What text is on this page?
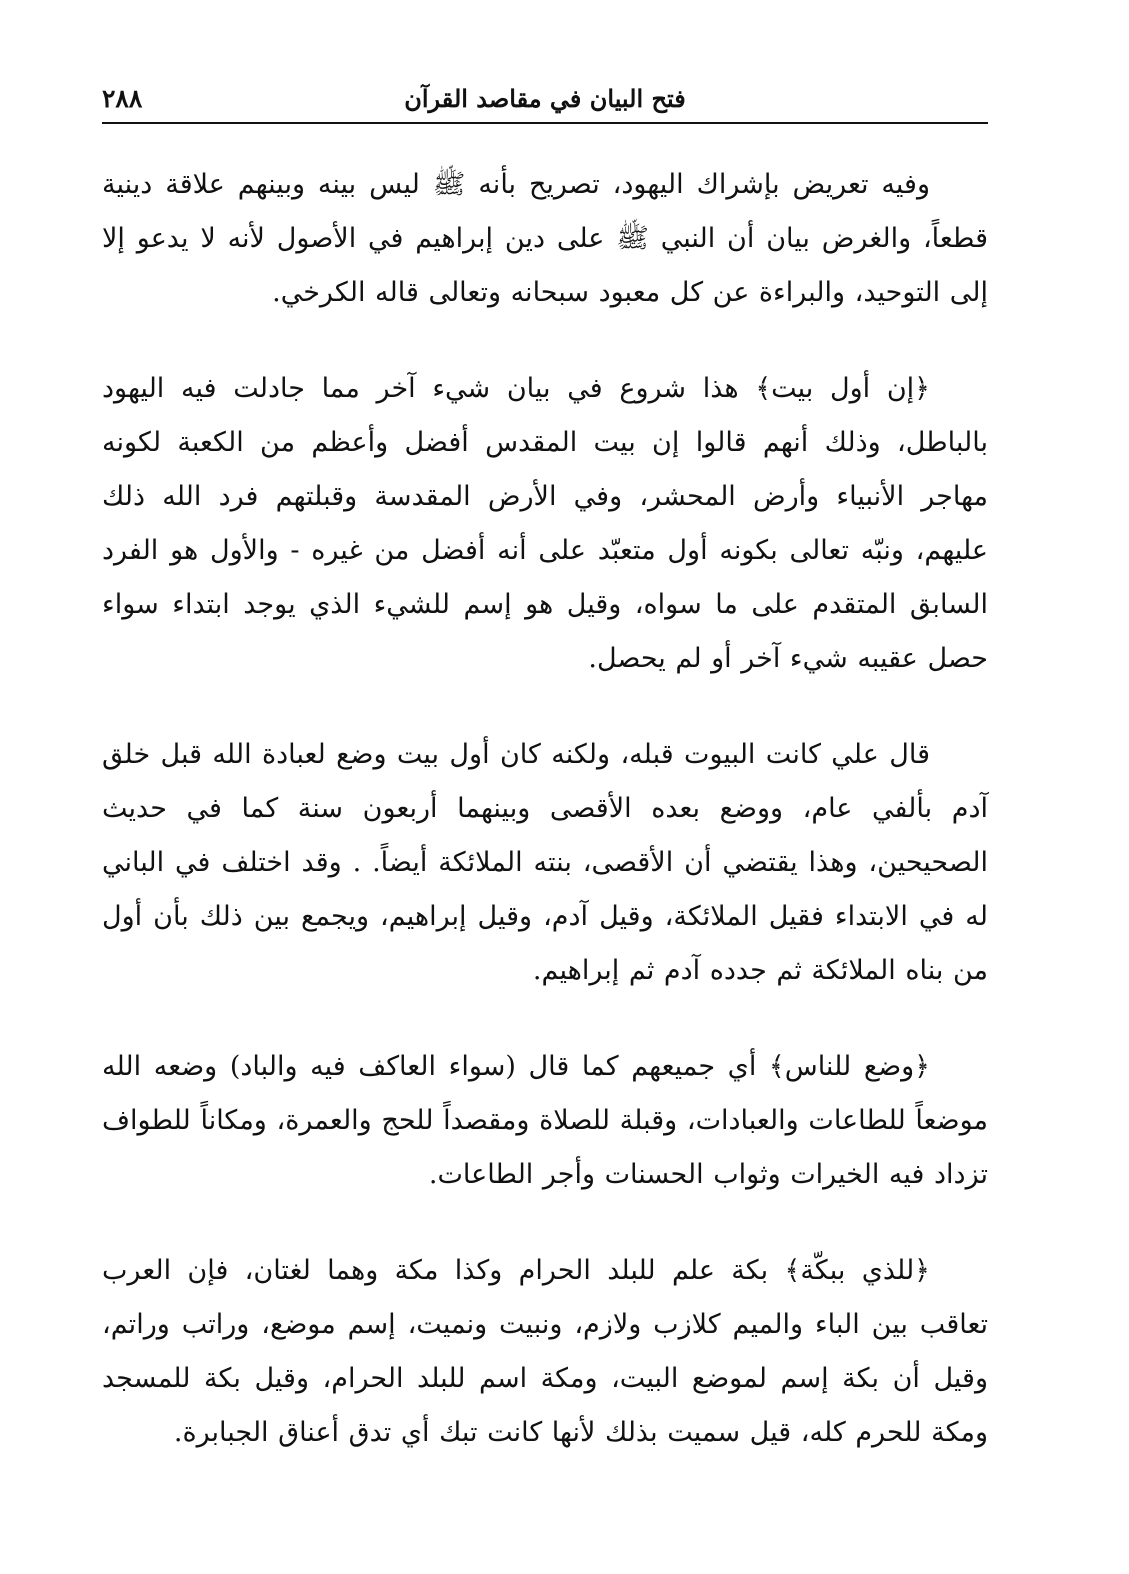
فتح البيان في مقاصد القرآن
٢٨٨

وفيه تعريض بإشراك اليهود، تصريح بأنه ﷺ ليس بينه وبينهم علاقة دينية قطعاً، والغرض بيان أن النبي ﷺ على دين إبراهيم في الأصول لأنه لا يدعو إلا إلى التوحيد، والبراءة عن كل معبود سبحانه وتعالى قاله الكرخي.

﴿إن أول بيت﴾ هذا شروع في بيان شيء آخر مما جادلت فيه اليهود بالباطل، وذلك أنهم قالوا إن بيت المقدس أفضل وأعظم من الكعبة لكونه مهاجر الأنبياء وأرض المحشر، وفي الأرض المقدسة وقبلتهم فرد الله ذلك عليهم، ونبّه تعالى بكونه أول متعبّد على أنه أفضل من غيره - والأول هو الفرد السابق المتقدم على ما سواه، وقيل هو إسم للشيء الذي يوجد ابتداء سواء حصل عقيبه شيء آخر أو لم يحصل.

قال علي كانت البيوت قبله، ولكنه كان أول بيت وضع لعبادة الله قبل خلق آدم بألفي عام، ووضع بعده الأقصى وبينهما أربعون سنة كما في حديث الصحيحين، وهذا يقتضي أن الأقصى، بنته الملائكة أيضاً. . وقد اختلف في الباني له في الابتداء فقيل الملائكة، وقيل آدم، وقيل إبراهيم، ويجمع بين ذلك بأن أول من بناه الملائكة ثم جدده آدم ثم إبراهيم.

﴿وضع للناس﴾ أي جميعهم كما قال (سواء العاكف فيه والباد) وضعه الله موضعاً للطاعات والعبادات، وقبلة للصلاة ومقصداً للحج والعمرة، ومكاناً للطواف تزداد فيه الخيرات وثواب الحسنات وأجر الطاعات.

﴿للذي ببكّة﴾ بكة علم للبلد الحرام وكذا مكة وهما لغتان، فإن العرب تعاقب بين الباء والميم كلازب ولازم، ونبيت ونميت، إسم موضع، وراتب وراتم، وقيل أن بكة إسم لموضع البيت، ومكة اسم للبلد الحرام، وقيل بكة للمسجد ومكة للحرم كله، قيل سميت بذلك لأنها كانت تبك أي تدق أعناق الجبابرة.
